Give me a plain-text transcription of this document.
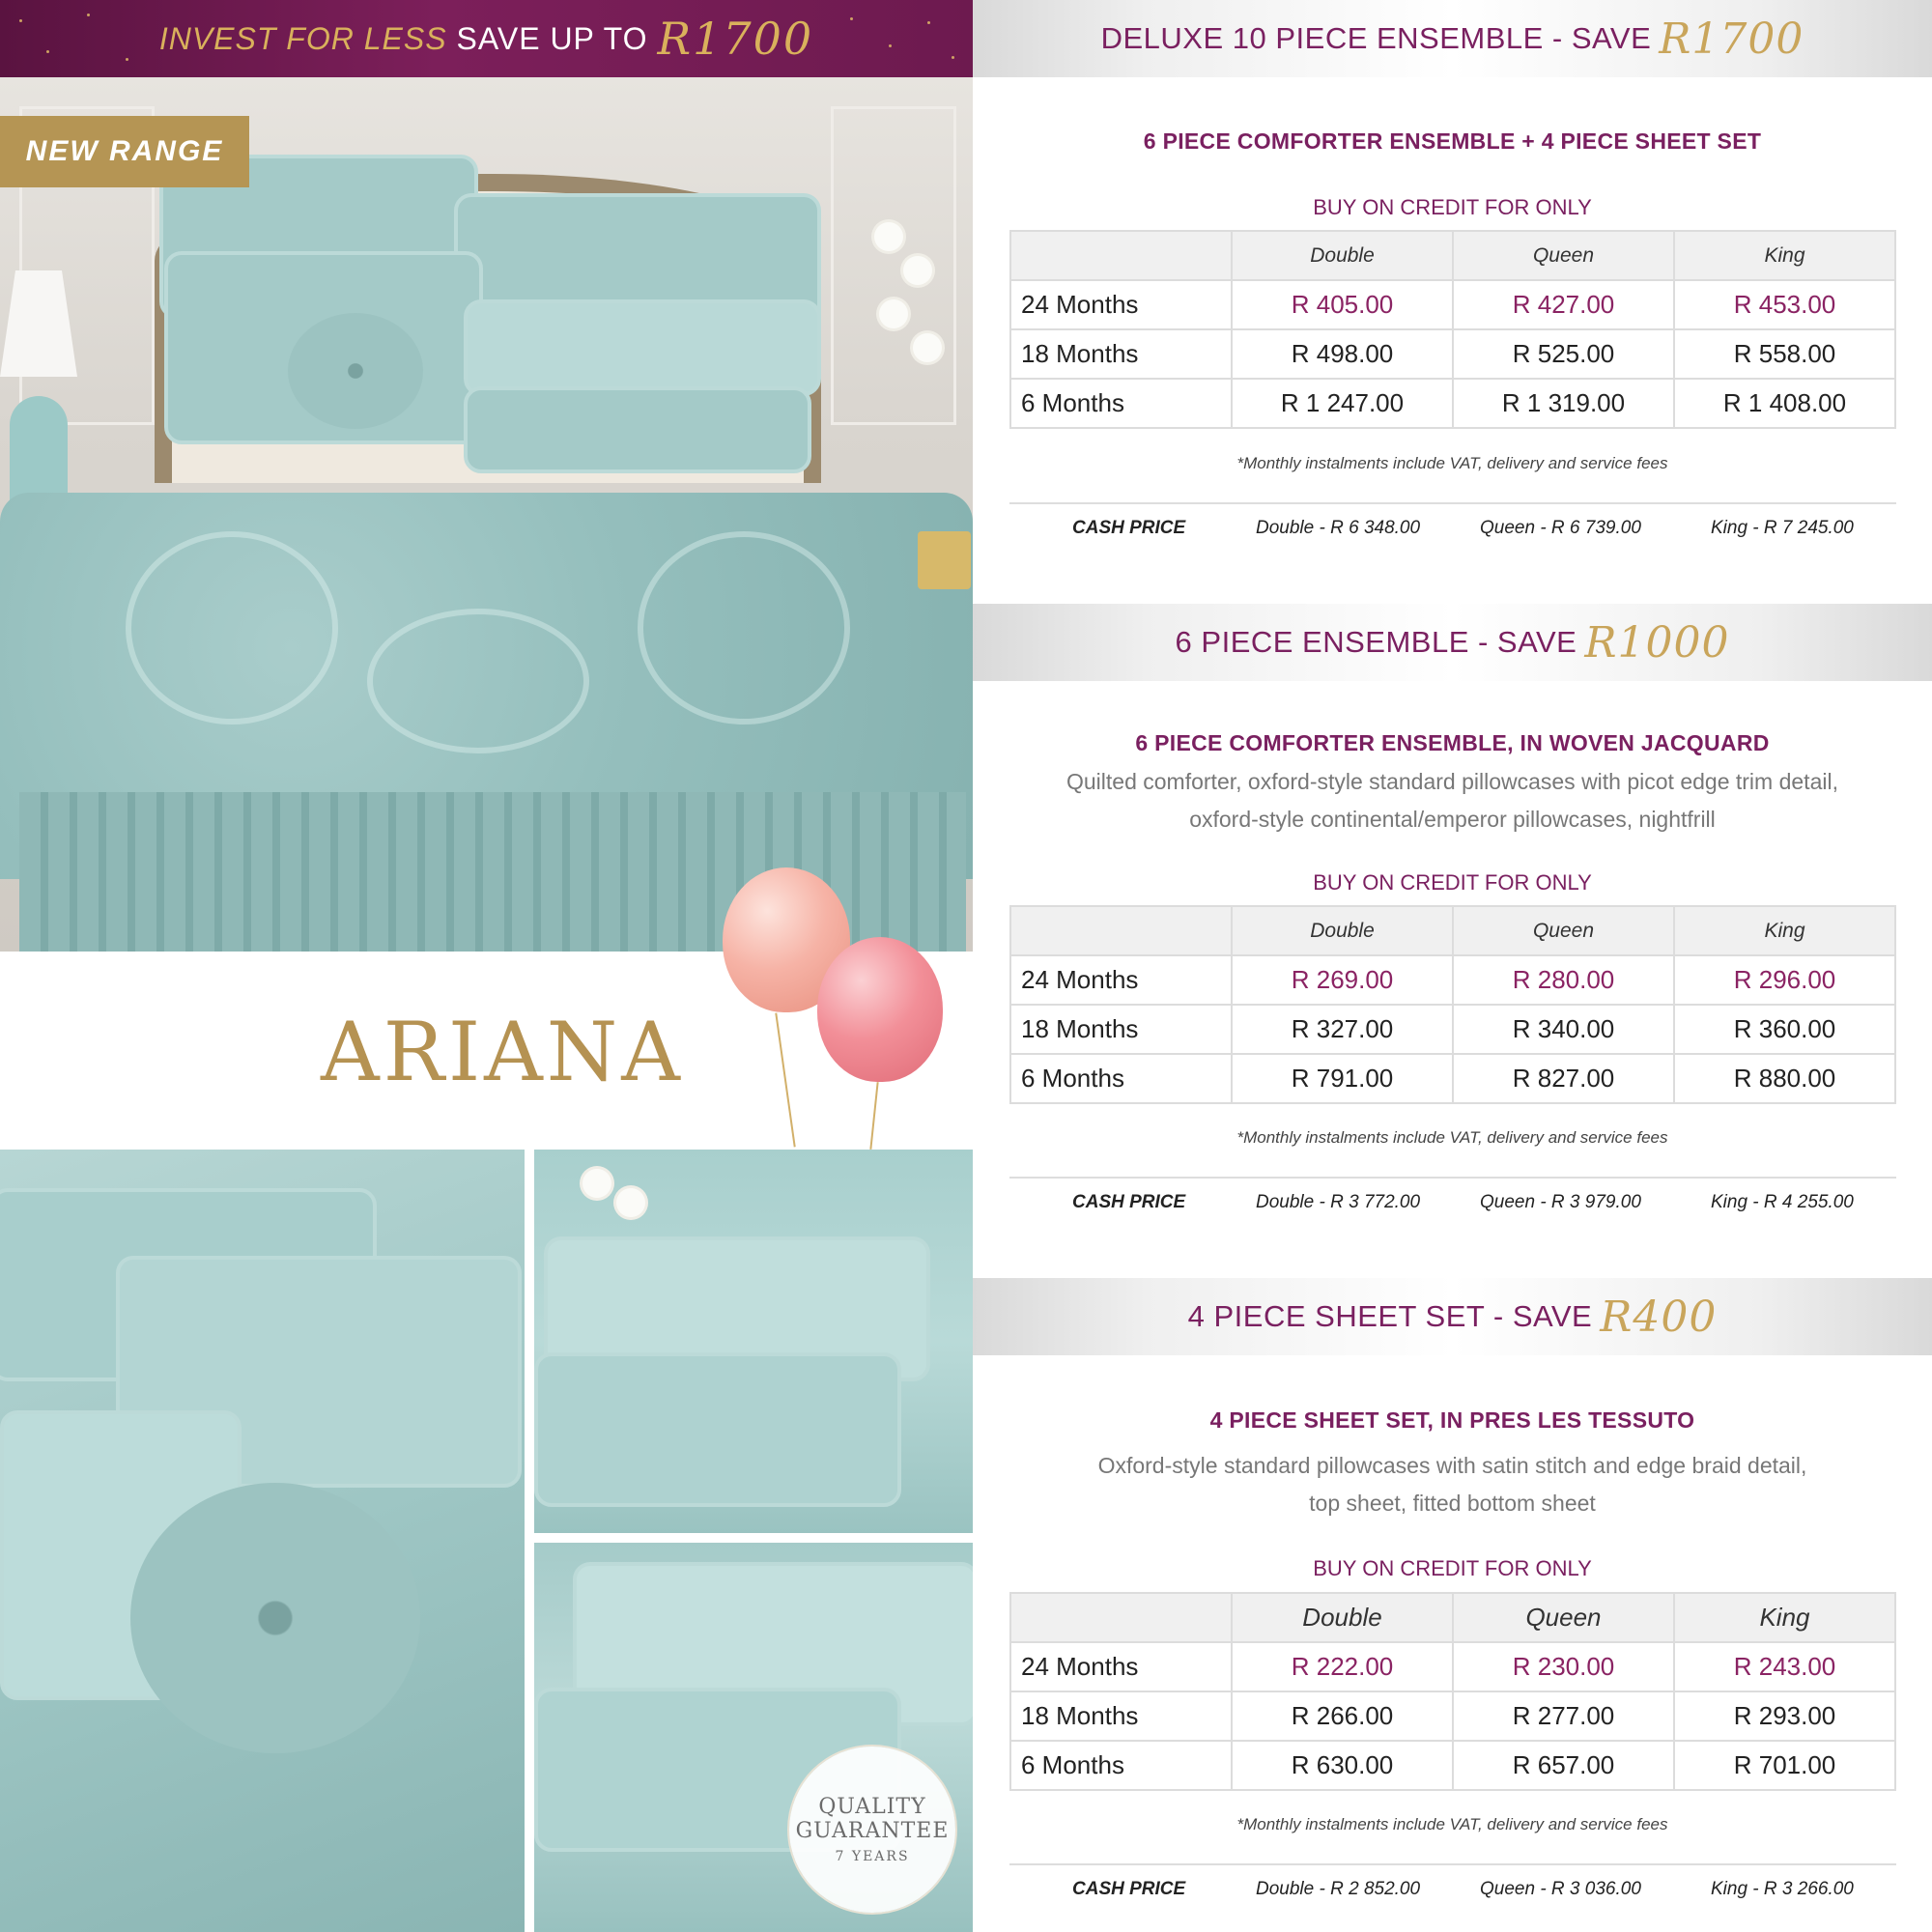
INVEST FOR LESS SAVE UP TO R1700
NEW RANGE
ARIANA
QUALITY
GUARANTEE
7 YEARS
DELUXE 10 PIECE ENSEMBLE - SAVE R1700
6 PIECE COMFORTER ENSEMBLE + 4 PIECE SHEET SET
BUY ON CREDIT FOR ONLY
	Double	Queen	King
24 Months	R 405.00	R 427.00	R 453.00
18 Months	R 498.00	R 525.00	R 558.00
6 Months	R 1 247.00	R 1 319.00	R 1 408.00
*Monthly instalments include VAT, delivery and service fees
CASH PRICE	Double - R 6 348.00	Queen - R 6 739.00	King - R 7 245.00
6 PIECE ENSEMBLE - SAVE R1000
6 PIECE COMFORTER ENSEMBLE, IN WOVEN JACQUARD
Quilted comforter, oxford-style standard pillowcases with picot edge trim detail,
oxford-style continental/emperor pillowcases, nightfrill
BUY ON CREDIT FOR ONLY
	Double	Queen	King
24 Months	R 269.00	R 280.00	R 296.00
18 Months	R 327.00	R 340.00	R 360.00
6 Months	R 791.00	R 827.00	R 880.00
*Monthly instalments include VAT, delivery and service fees
CASH PRICE	Double - R 3 772.00	Queen - R 3 979.00	King - R 4 255.00
4 PIECE SHEET SET - SAVE R400
4 PIECE SHEET SET, IN PRES LES TESSUTO
Oxford-style standard pillowcases with satin stitch and edge braid detail,
top sheet, fitted bottom sheet
BUY ON CREDIT FOR ONLY
	Double	Queen	King
24 Months	R 222.00	R 230.00	R 243.00
18 Months	R 266.00	R 277.00	R 293.00
6 Months	R 630.00	R 657.00	R 701.00
*Monthly instalments include VAT, delivery and service fees
CASH PRICE	Double - R 2 852.00	Queen - R 3 036.00	King - R 3 266.00
